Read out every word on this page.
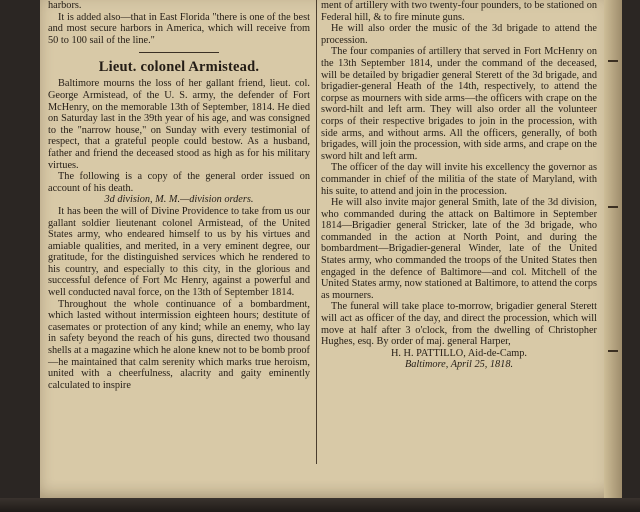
harbors.

It is added also—that in East Florida "there is one of the best and most secure harbors in America, which will receive from 50 to 100 sail of the line."

Lieut. colonel Armistead.

Baltimore mourns the loss of her gallant friend, lieut. col. George Armistead, of the U. S. army, the defender of Fort McHenry, on the memorable 13th of September, 1814. He died on Saturday last in the 39th year of his age, and was consigned to the "narrow house," on Sunday with every testimonial of respect, that a grateful people could bestow. As a husband, father and friend the deceased stood as high as for his military virtues.

The following is a copy of the general order issued on account of his death.

3d division, M. M.—division orders.

It has been the will of Divine Providence to take from us our gallant soldier lieutenant colonel Armistead, of the United States army, who endeared himself to us by his virtues and amiable qualities, and merited, in a very eminent degree, our gratitude, for the distinguished services which he rendered to his country, and especially to this city, in the glorious and successful defence of Fort Mc Henry, against a powerful and well conducted naval force, on the 13th of September 1814.

Throughout the whole continuance of a bombardment, which lasted without intermission eighteen hours; destitute of casemates or protection of any kind; while an enemy, who lay in safety beyond the reach of his guns, directed two thousand shells at a magazine which he alone knew not to be bomb proof—he maintained that calm serenity which marks true heroism, united with a cheerfulness, alacrity and gaity eminently calculated to inspire

ment of artillery with two twenty-four pounders, to be stationed on Federal hill, & to fire minute guns.

He will also order the music of the 3d brigade to attend the procession.

The four companies of artillery that served in Fort McHenry on the 13th September 1814, under the command of the deceased, will be detailed by brigadier general Sterett of the 3d brigade, and brigadier-general Heath of the 14th, respectively, to attend the corpse as mourners with side arms—the officers with crape on the sword-hilt and left arm. They will also order all the volunteer corps of their respective brigades to join in the procession, with side arms, and without arms. All the officers, generally, of both brigades, will join the procession, with side arms, and crape on the sword hilt and left arm.

The officer of the day will invite his excellency the governor as commander in chief of the militia of the state of Maryland, with his suite, to attend and join in the procession.

He will also invite major general Smith, late of the 3d division, who commanded during the attack on Baltimore in September 1814—Brigadier general Stricker, late of the 3d brigade, who commanded in the action at North Point, and during the bombardment—Brigadier-general Winder, late of the United States army, who commanded the troops of the United States then engaged in the defence of Baltimore—and col. Mitchell of the United States army, now stationed at Baltimore, to attend the corps as mourners.

The funeral will take place to-morrow, brigadier general Sterett will act as officer of the day, and direct the procession, which will move at half after 3 o'clock, from the dwelling of Christopher Hughes, esq. By order of maj. general Harper,

H. H. PATTILLO, Aid-de-Camp.

Baltimore, April 25, 1818.
